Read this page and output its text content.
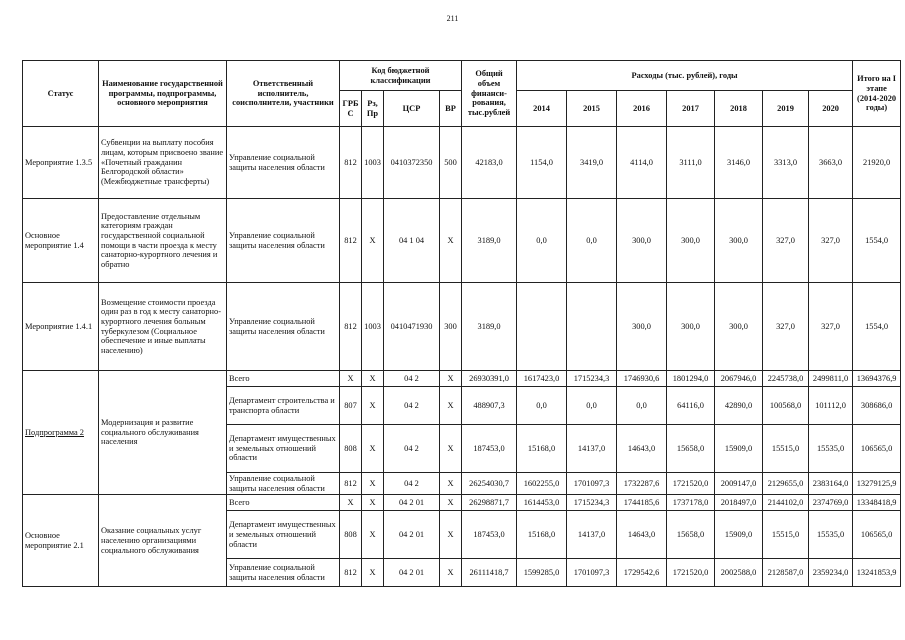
211
Статус	Наименование государственной программы, подпрограммы, основного мероприятия	Ответственный исполнитель, соисполнители, участники	Код бюджетной классификации				Общий объем финанси-рования, тыс.рублей	Расходы (тыс. рублей), годы							Итого на I этапе (2014-2020 годы)
			ГРБ С	Рз, Пр	ЦСР	ВР		2014	2015	2016	2017	2018	2019	2020	
Мероприятие 1.3.5	Субвенции на выплату пособия лицам, которым присвоено звание «Почетный гражданин Белгородской области» (Межбюджетные трансферты)	Управление социальной защиты населения области	812	1003	0410372350	500	42183,0	1154,0	3419,0	4114,0	3111,0	3146,0	3313,0	3663,0	21920,0
Основное мероприятие 1.4	Предоставление отдельным категориям граждан государственной социальной помощи в части проезда к месту санаторно-курортного лечения и обратно	Управление социальной защиты населения области	812	Х	04 1 04	Х	3189,0	0,0	0,0	300,0	300,0	300,0	327,0	327,0	1554,0
Мероприятие 1.4.1	Возмещение стоимости проезда один раз в год к месту санаторно-курортного лечения больным туберкулезом (Социальное обеспечение и иные выплаты населению)	Управление социальной защиты населения области	812	1003	0410471930	300	3189,0			300,0	300,0	300,0	327,0	327,0	1554,0
Подпрограмма 2	Модернизация и развитие социального обслуживания населения	Всего	Х	Х	04 2	Х	26930391,0	1617423,0	1715234,3	1746930,6	1801294,0	2067946,0	2245738,0	2499811,0	13694376,9
		Департамент строительства и транспорта области	807	Х	04 2	Х	488907,3	0,0	0,0	0,0	64116,0	42890,0	100568,0	101112,0	308686,0
		Департамент имущественных и земельных отношений области	808	Х	04 2	Х	187453,0	15168,0	14137,0	14643,0	15658,0	15909,0	15515,0	15535,0	106565,0
		Управление социальной защиты населения области	812	Х	04 2	Х	26254030,7	1602255,0	1701097,3	1732287,6	1721520,0	2009147,0	2129655,0	2383164,0	13279125,9
Основное мероприятие 2.1	Оказание социальных услуг населению организациями социального обслуживания	Всего	Х	Х	04 2 01	Х	26298871,7	1614453,0	1715234,3	1744185,6	1737178,0	2018497,0	2144102,0	2374769,0	13348418,9
		Департамент имущественных и земельных отношений области	808	Х	04 2 01	Х	187453,0	15168,0	14137,0	14643,0	15658,0	15909,0	15515,0	15535,0	106565,0
		Управление социальной защиты населения области	812	Х	04 2 01	Х	26111418,7	1599285,0	1701097,3	1729542,6	1721520,0	2002588,0	2128587,0	2359234,0	13241853,9
